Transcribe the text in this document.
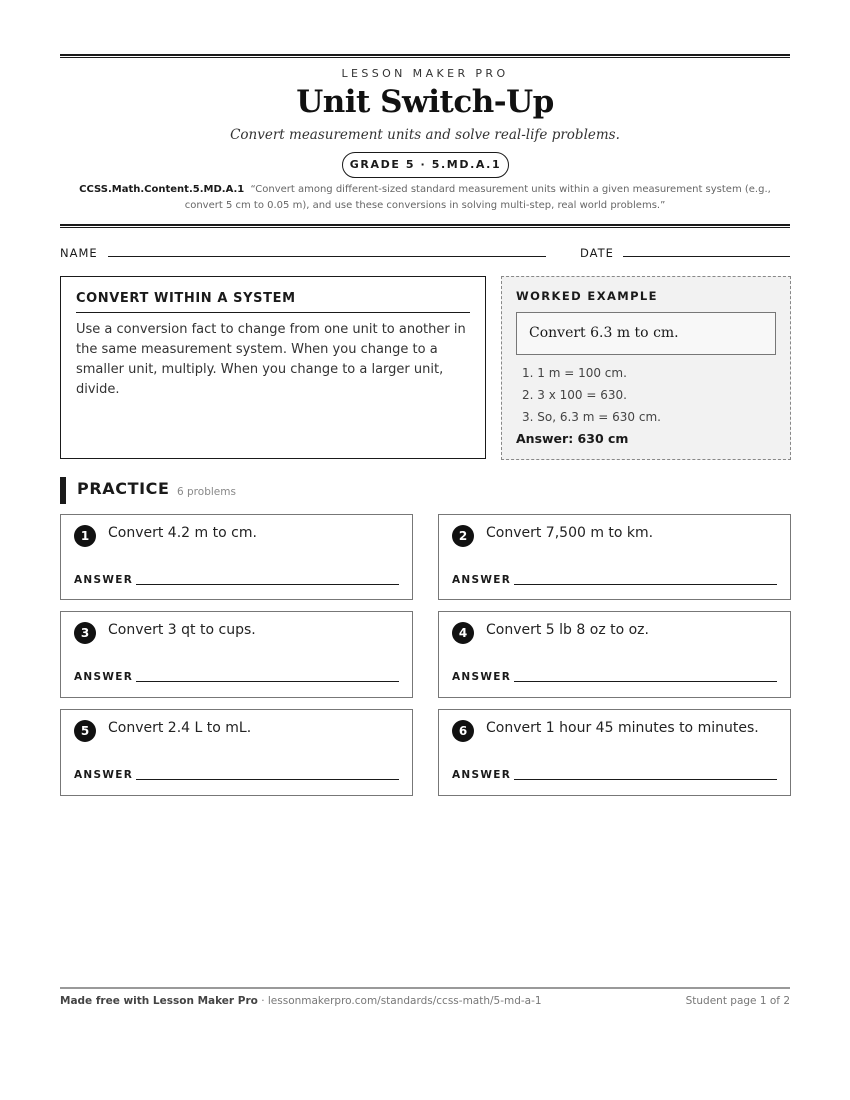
LESSON MAKER PRO
Unit Switch-Up
Convert measurement units and solve real-life problems.
GRADE 5 · 5.MD.A.1
CCSS.Math.Content.5.MD.A.1 “Convert among different-sized standard measurement units within a given measurement system (e.g., convert 5 cm to 0.05 m), and use these conversions in solving multi-step, real world problems.”
NAME	DATE
CONVERT WITHIN A SYSTEM
Use a conversion fact to change from one unit to another in the same measurement system. When you change to a smaller unit, multiply. When you change to a larger unit, divide.
WORKED EXAMPLE
Convert 6.3 m to cm.
1. 1 m = 100 cm.
2. 3 x 100 = 630.
3. So, 6.3 m = 630 cm.
Answer: 630 cm
PRACTICE 6 problems
1	Convert 4.2 m to cm.
ANSWER
2	Convert 7,500 m to km.
ANSWER
3	Convert 3 qt to cups.
ANSWER
4	Convert 5 lb 8 oz to oz.
ANSWER
5	Convert 2.4 L to mL.
ANSWER
6	Convert 1 hour 45 minutes to minutes.
ANSWER
Made free with Lesson Maker Pro · lessonmakerpro.com/standards/ccss-math/5-md-a-1	Student page 1 of 2
